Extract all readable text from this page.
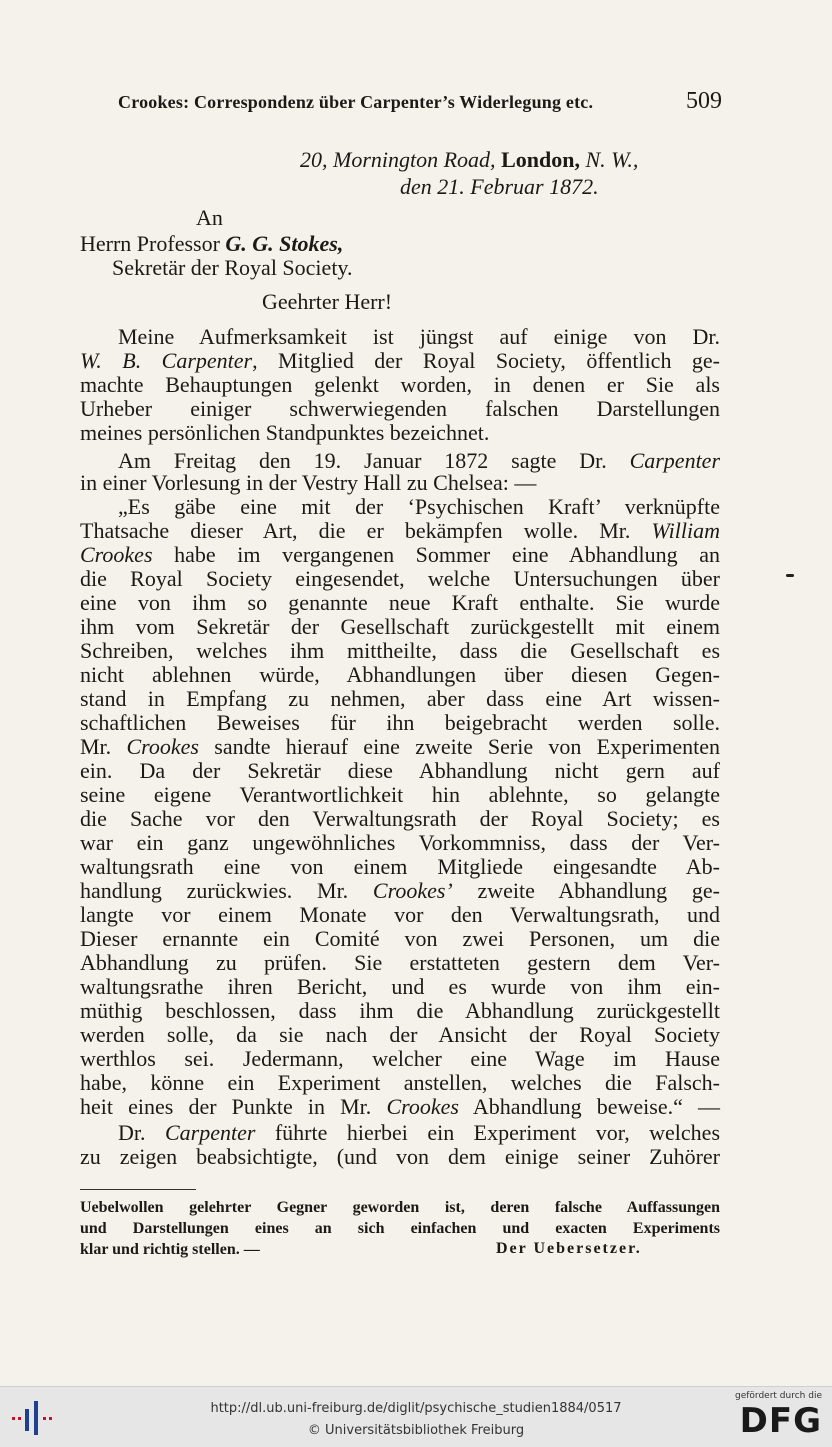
Crookes: Correspondenz über Carpenter’s Widerlegung etc.	509
20, Mornington Road, London, N. W.,
den 21. Februar 1872.
An
Herrn Professor G. G. Stokes,
Sekretär der Royal Society.
Geehrter Herr!
Meine Aufmerksamkeit ist jüngst auf einige von Dr.
W. B. Carpenter, Mitglied der Royal Society, öffentlich ge-
machte Behauptungen gelenkt worden, in denen er Sie als
Urheber einiger schwerwiegenden falschen Darstellungen
meines persönlichen Standpunktes bezeichnet.
Am Freitag den 19. Januar 1872 sagte Dr. Carpenter
in einer Vorlesung in der Vestry Hall zu Chelsea: —
„Es gäbe eine mit der ‘Psychischen Kraft’ verknüpfte
Thatsache dieser Art, die er bekämpfen wolle. Mr. William
Crookes habe im vergangenen Sommer eine Abhandlung an
die Royal Society eingesendet, welche Untersuchungen über
eine von ihm so genannte neue Kraft enthalte. Sie wurde
ihm vom Sekretär der Gesellschaft zurückgestellt mit einem
Schreiben, welches ihm mittheilte, dass die Gesellschaft es
nicht ablehnen würde, Abhandlungen über diesen Gegen-
stand in Empfang zu nehmen, aber dass eine Art wissen-
schaftlichen Beweises für ihn beigebracht werden solle.
Mr. Crookes sandte hierauf eine zweite Serie von Experimenten
ein. Da der Sekretär diese Abhandlung nicht gern auf
seine eigene Verantwortlichkeit hin ablehnte, so gelangte
die Sache vor den Verwaltungsrath der Royal Society; es
war ein ganz ungewöhnliches Vorkommniss, dass der Ver-
waltungsrath eine von einem Mitgliede eingesandte Ab-
handlung zurückwies. Mr. Crookes’ zweite Abhandlung ge-
langte vor einem Monate vor den Verwaltungsrath, und
Dieser ernannte ein Comité von zwei Personen, um die
Abhandlung zu prüfen. Sie erstatteten gestern dem Ver-
waltungsrathe ihren Bericht, und es wurde von ihm ein-
müthig beschlossen, dass ihm die Abhandlung zurückgestellt
werden solle, da sie nach der Ansicht der Royal Society
werthlos sei. Jedermann, welcher eine Wage im Hause
habe, könne ein Experiment anstellen, welches die Falsch-
heit eines der Punkte in Mr. Crookes Abhandlung beweise.“ —
Dr. Carpenter führte hierbei ein Experiment vor, welches
zu zeigen beabsichtigte, (und von dem einige seiner Zuhörer
Uebelwollen gelehrter Gegner geworden ist, deren falsche Auffassungen
und Darstellungen eines an sich einfachen und exacten Experiments
klar und richtig stellen. —	Der Uebersetzer.
http://dl.ub.uni-freiburg.de/diglit/psychische_studien1884/0517
© Universitätsbibliothek Freiburg
gefördert durch die
DFG
